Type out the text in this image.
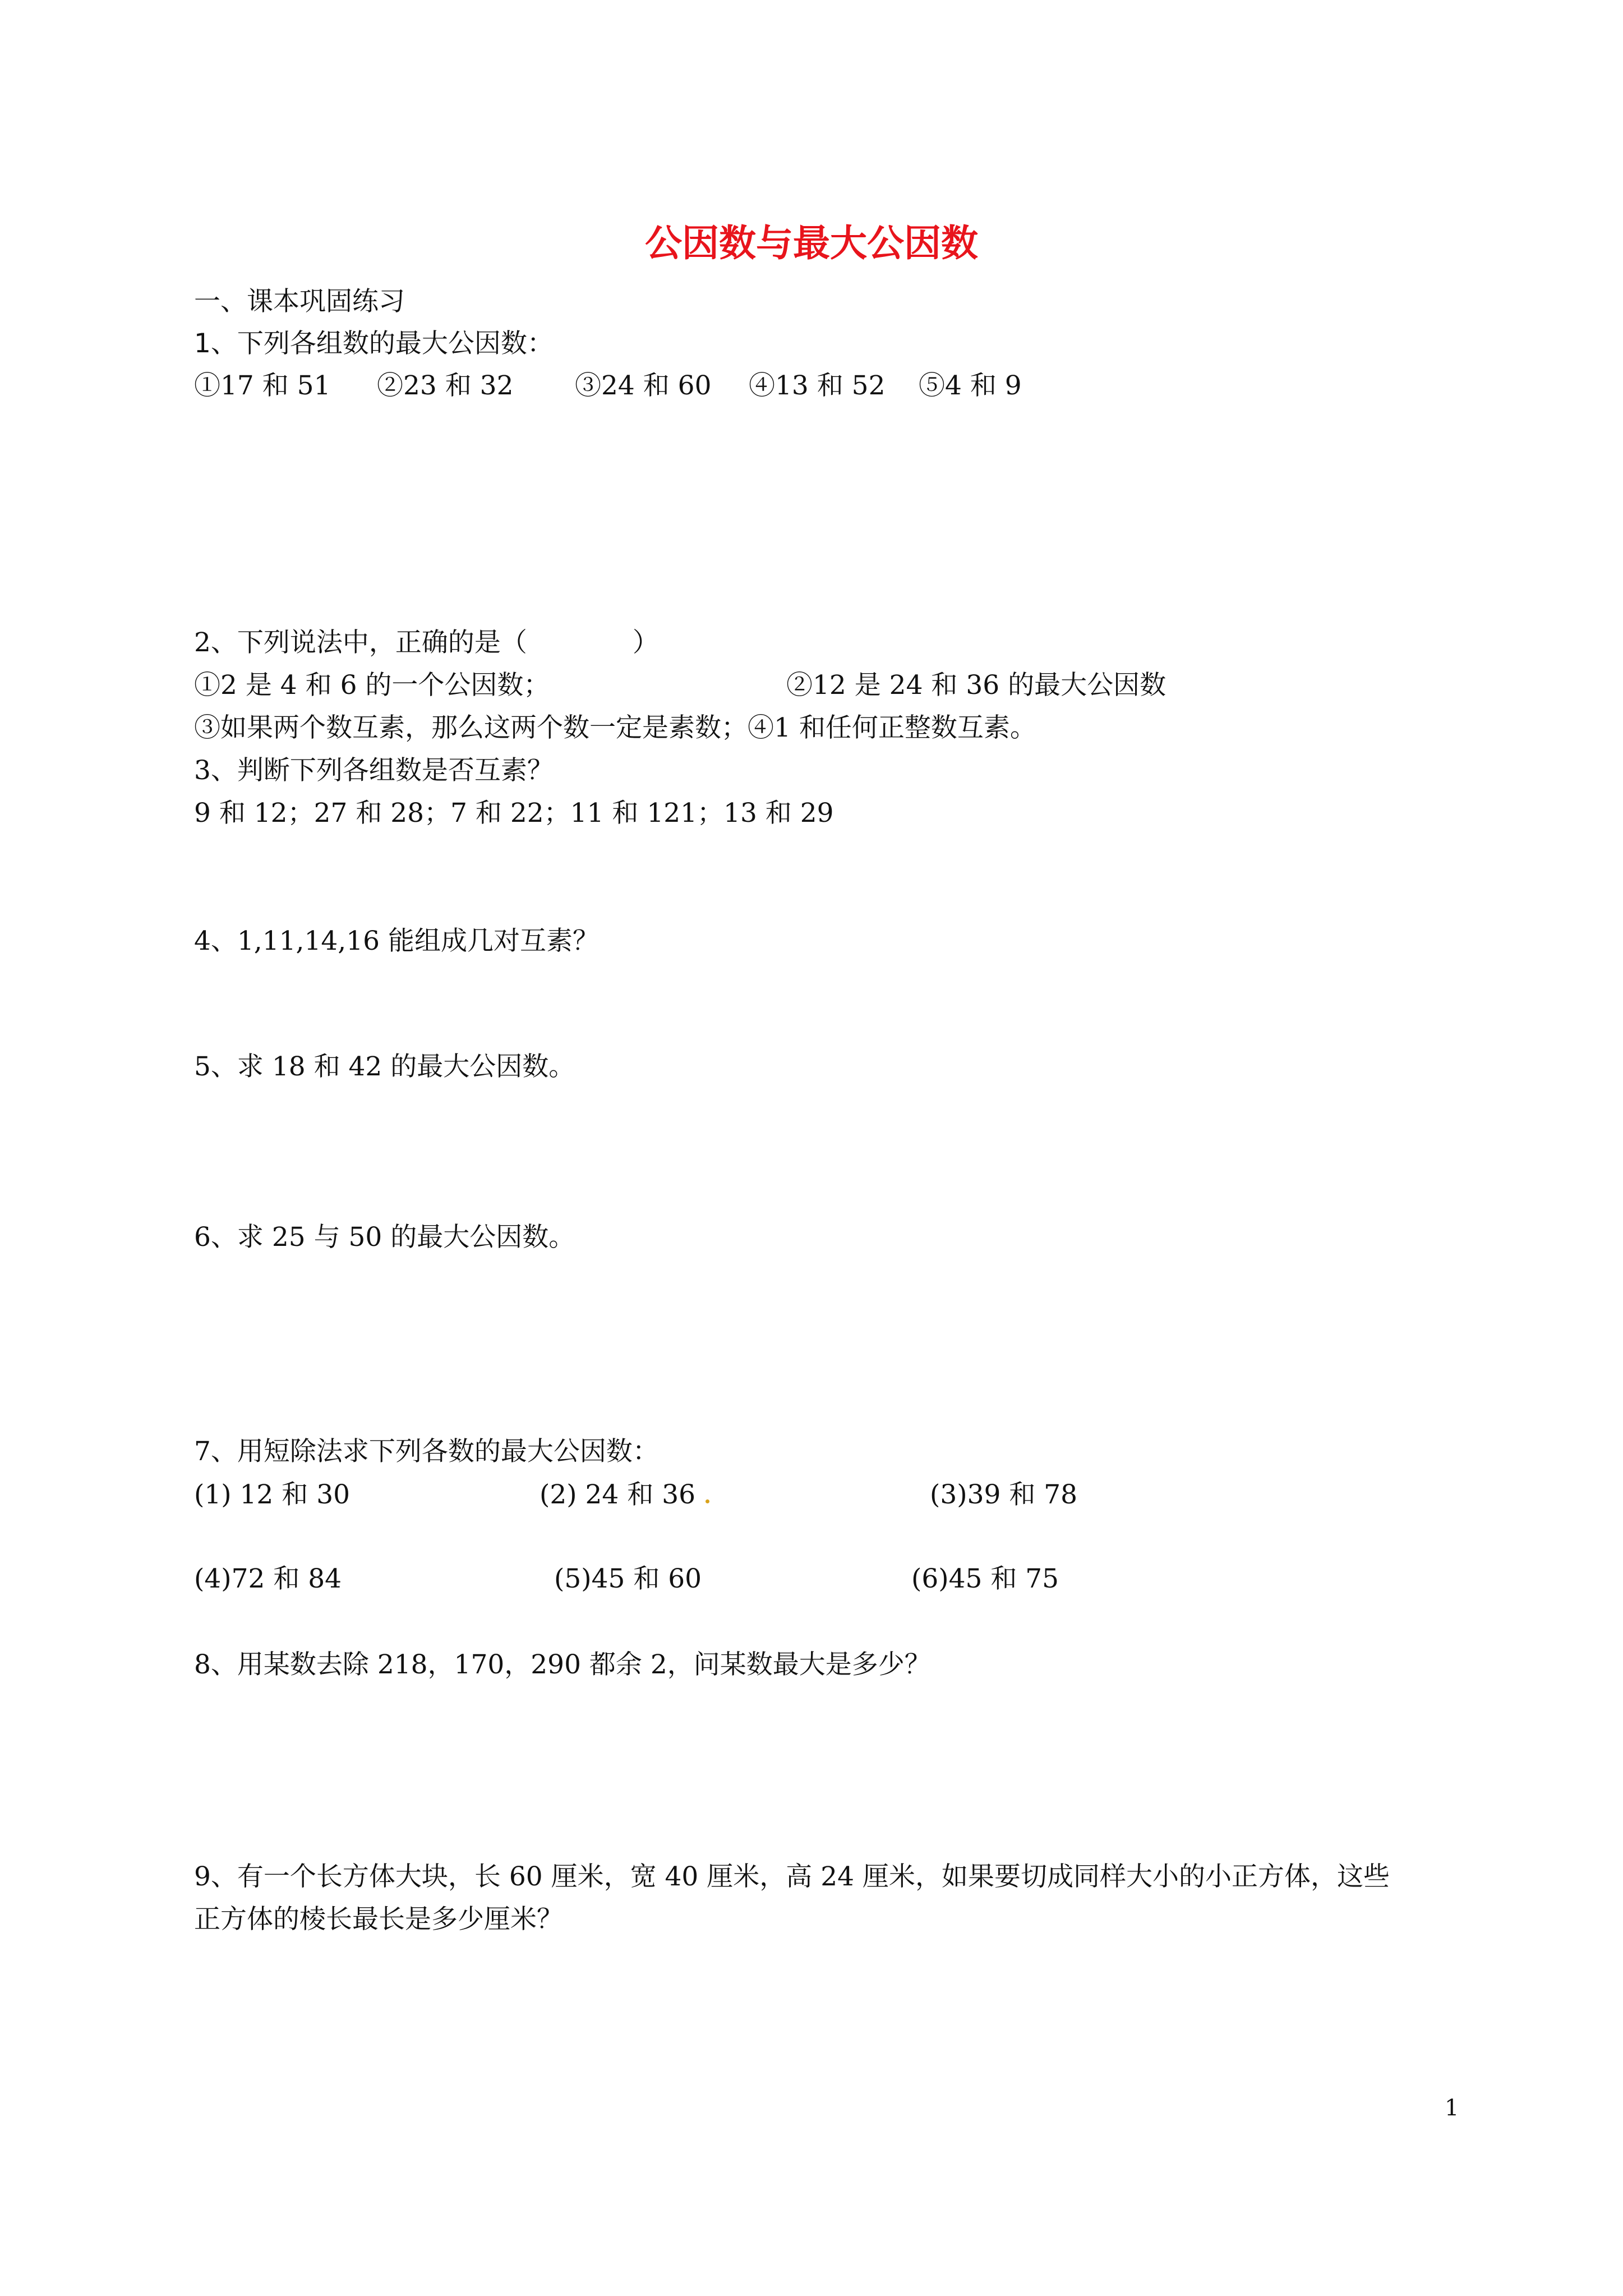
公因数与最大公因数
一、课本巩固练习
1、下列各组数的最大公因数：
①17 和 51 ②23 和 32 ③24 和 60 ④13 和 52 ⑤4 和 9
2、下列说法中，正确的是（　　　　）
①2 是 4 和 6 的一个公因数；	②12 是 24 和 36 的最大公因数
③如果两个数互素，那么这两个数一定是素数；④1 和任何正整数互素。
3、判断下列各组数是否互素？
9 和 12；27 和 28；7 和 22；11 和 121；13 和 29
4、1,11,14,16 能组成几对互素？
5、求 18 和 42 的最大公因数。
6、求 25 与 50 的最大公因数。
7、用短除法求下列各数的最大公因数：
(1) 12 和 30	(2) 24 和 36	(3)39 和 78
(4)72 和 84	(5)45 和 60	(6)45 和 75
8、用某数去除 218，170，290 都余 2，问某数最大是多少？
9、有一个长方体大块，长 60 厘米，宽 40 厘米，高 24 厘米，如果要切成同样大小的小正方体，这些
正方体的棱长最长是多少厘米？
1
